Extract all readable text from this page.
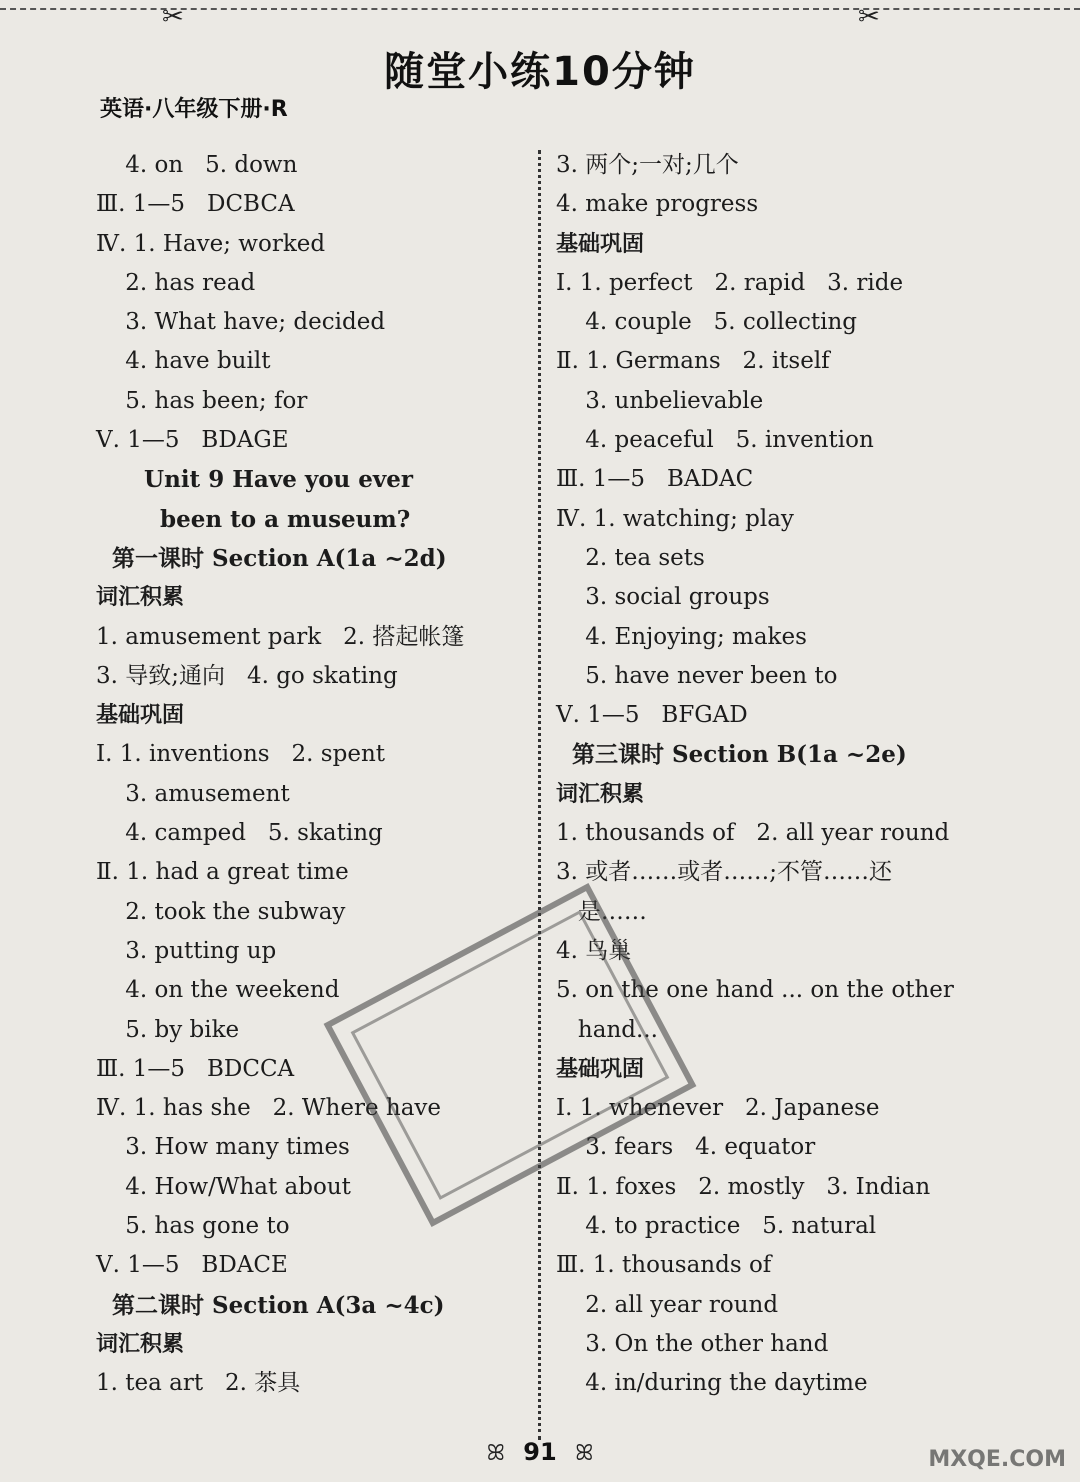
✂	✂
随堂小练10分钟
英语·八年级下册·R
4. on   5. down
Ⅲ. 1—5   DCBCA
Ⅳ. 1. Have; worked
2. has read
3. What have; decided
4. have built
5. has been; for
Ⅴ. 1—5   BDAGE
Unit 9 Have you ever
been to a museum?
第一课时 Section A(1a ~2d)
词汇积累
1. amusement park   2. 搭起帐篷
3. 导致;通向   4. go skating
基础巩固
Ⅰ. 1. inventions   2. spent
3. amusement
4. camped   5. skating
Ⅱ. 1. had a great time
2. took the subway
3. putting up
4. on the weekend
5. by bike
Ⅲ. 1—5   BDCCA
Ⅳ. 1. has she   2. Where have
3. How many times
4. How/What about
5. has gone to
Ⅴ. 1—5   BDACE
第二课时 Section A(3a ~4c)
词汇积累
1. tea art   2. 茶具
3. 两个;一对;几个
4. make progress
基础巩固
Ⅰ. 1. perfect   2. rapid   3. ride
4. couple   5. collecting
Ⅱ. 1. Germans   2. itself
3. unbelievable
4. peaceful   5. invention
Ⅲ. 1—5   BADAC
Ⅳ. 1. watching; play
2. tea sets
3. social groups
4. Enjoying; makes
5. have never been to
Ⅴ. 1—5   BFGAD
第三课时 Section B(1a ~2e)
词汇积累
1. thousands of   2. all year round
3. 或者……或者……;不管……还
是……
4. 鸟巢
5. on the one hand ... on the other
hand...
基础巩固
Ⅰ. 1. whenever   2. Japanese
3. fears   4. equator
Ⅱ. 1. foxes   2. mostly   3. Indian
4. to practice   5. natural
Ⅲ. 1. thousands of
2. all year round
3. On the other hand
4. in/during the daytime
ꕤ 91 ꕤ	MXQE.COM
